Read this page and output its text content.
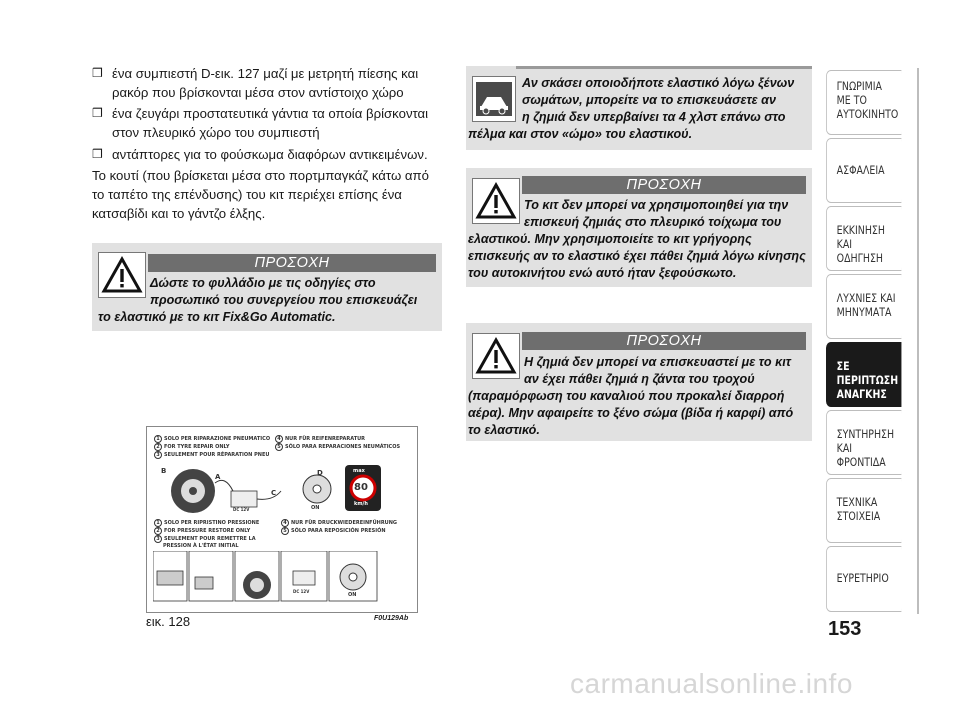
❒ ένα συμπιεστή D-εικ. 127 μαζί με μετρητή πίεσης και ρακόρ που βρίσκονται μέσα στον αντίστοιχο χώρο
❒ ένα ζευγάρι προστατευτικά γάντια τα οποία βρίσκονται στον πλευρικό χώρο του συμπιεστή
❒ αντάπτορες για το φούσκωμα διαφόρων αντικειμένων.
Το κουτί (που βρίσκεται μέσα στο πορτμπαγκάζ κάτω από το ταπέτο της επένδυσης) του κιτ περιέχει επίσης ένα κατσαβίδι και το γάντζο έλξης.
ΠΡΟΣΟΧΗ
Δώστε το φυλλάδιο με τις οδηγίες στο
προσωπικό του συνεργείου που επισκευάζει
το ελαστικό με το κιτ Fix&Go Automatic.
Αν σκάσει οποιοδήποτε ελαστικό λόγω ξένων
σωμάτων, μπορείτε να το επισκευάσετε αν
η ζημιά δεν υπερβαίνει τα 4 χλστ επάνω στο
πέλμα και στον «ώμο» του ελαστικού.
ΠΡΟΣΟΧΗ
Το κιτ δεν μπορεί να χρησιμοποιηθεί για την
επισκευή ζημιάς στο πλευρικό τοίχωμα του
ελαστικού. Μην χρησιμοποιείτε το κιτ γρήγορης
επισκευής αν το ελαστικό έχει πάθει ζημιά λόγω κίνησης
του αυτοκινήτου ενώ αυτό ήταν ξεφούσκωτο.
ΠΡΟΣΟΧΗ
Η ζημιά δεν μπορεί να επισκευαστεί με το κιτ
αν έχει πάθει ζημιά η ζάντα του τροχού
(παραμόρφωση του καναλιού που προκαλεί διαρροή
αέρα). Μην αφαιρείτε το ξένο σώμα (βίδα ή καρφί) από
το ελαστικό.
1 SOLO PER RIPARAZIONE PNEUMATICO
2 FOR TYRE REPAIR ONLY
3 SEULEMENT POUR RÉPARATION PNEU
4 NUR FÜR REIFENREPARATUR
5 SÓLO PARA REPARACIONES NEUMÁTICOS
B
A
C
D
ON
DC 12V
max
80
km/h
1 SOLO PER RIPRISTINO PRESSIONE
2 FOR PRESSURE RESTORE ONLY
3 SEULEMENT POUR REMETTRE LA
PRESSION À L'ÉTAT INITIAL
4 NUR FÜR DRUCKWIEDEREINFÜHRUNG
5 SÓLO PARA REPOSICIÓN PRESIÓN
ON
DC 12V
εικ. 128	F0U129Ab
ΓΝΩΡΙΜΙΑ
ΜΕ ΤΟ
ΑΥΤΟΚΙΝΗΤΟ
ΑΣΦΑΛΕΙΑ
ΕΚΚΙΝΗΣΗ ΚΑΙ
ΟΔΗΓΗΣΗ
ΛΥΧΝΙΕΣ ΚΑΙ
ΜΗΝΥΜΑΤΑ
ΣΕ ΠΕΡΙΠΤΩΣΗ
ΑΝΑΓΚΗΣ
ΣΥΝΤΗΡΗΣΗ
ΚΑΙ ΦΡΟΝΤΙΔΑ
ΤΕΧΝΙΚΑ
ΣΤΟΙΧΕΙΑ
ΕΥΡΕΤΗΡΙΟ
153
carmanualsonline.info
